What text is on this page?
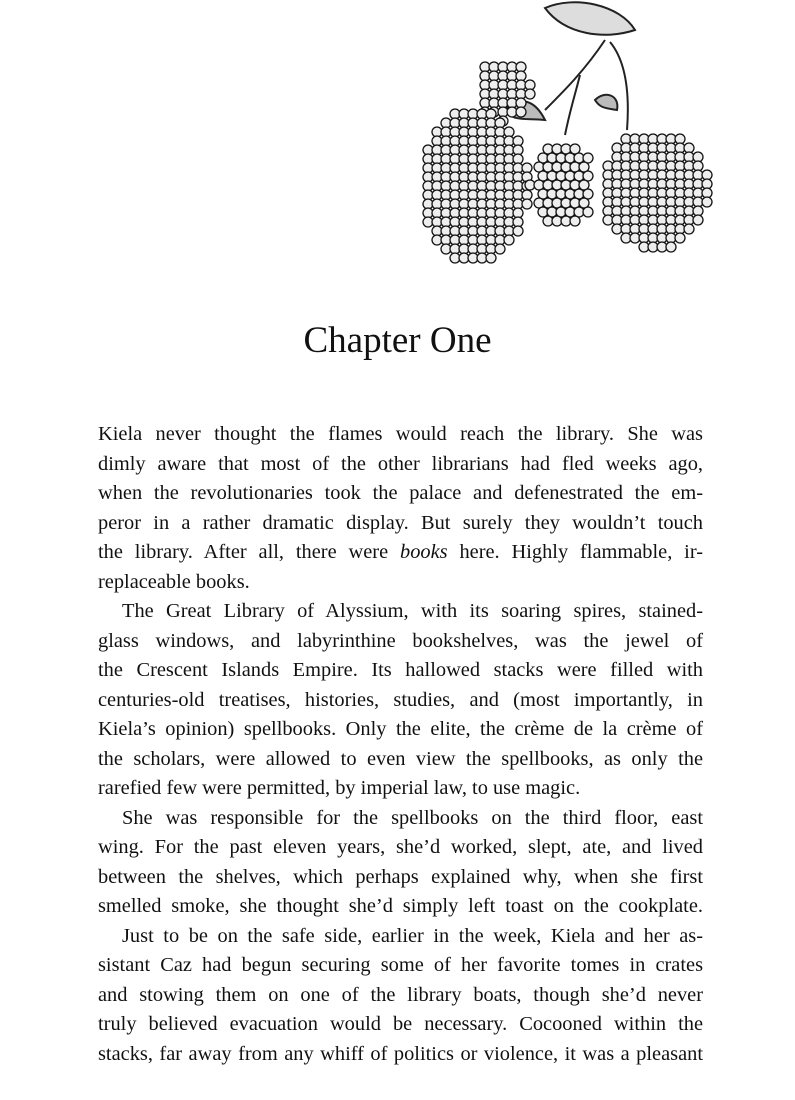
Chapter One
Kiela never thought the flames would reach the library. She was
dimly aware that most of the other librarians had fled weeks ago,
when the revolutionaries took the palace and defenestrated the em-
peror in a rather dramatic display. But surely they wouldn’t touch
the library. After all, there were books here. Highly flammable, ir-
replaceable books.
The Great Library of Alyssium, with its soaring spires, stained-
glass windows, and labyrinthine bookshelves, was the jewel of
the Crescent Islands Empire. Its hallowed stacks were filled with
centuries-old treatises, histories, studies, and (most importantly, in
Kiela’s opinion) spellbooks. Only the elite, the crème de la crème of
the scholars, were allowed to even view the spellbooks, as only the
rarefied few were permitted, by imperial law, to use magic.
She was responsible for the spellbooks on the third floor, east
wing. For the past eleven years, she’d worked, slept, ate, and lived
between the shelves, which perhaps explained why, when she first
smelled smoke, she thought she’d simply left toast on the cookplate.
Just to be on the safe side, earlier in the week, Kiela and her as-
sistant Caz had begun securing some of her favorite tomes in crates
and stowing them on one of the library boats, though she’d never
truly believed evacuation would be necessary. Cocooned within the
stacks, far away from any whiff of politics or violence, it was a pleasant
